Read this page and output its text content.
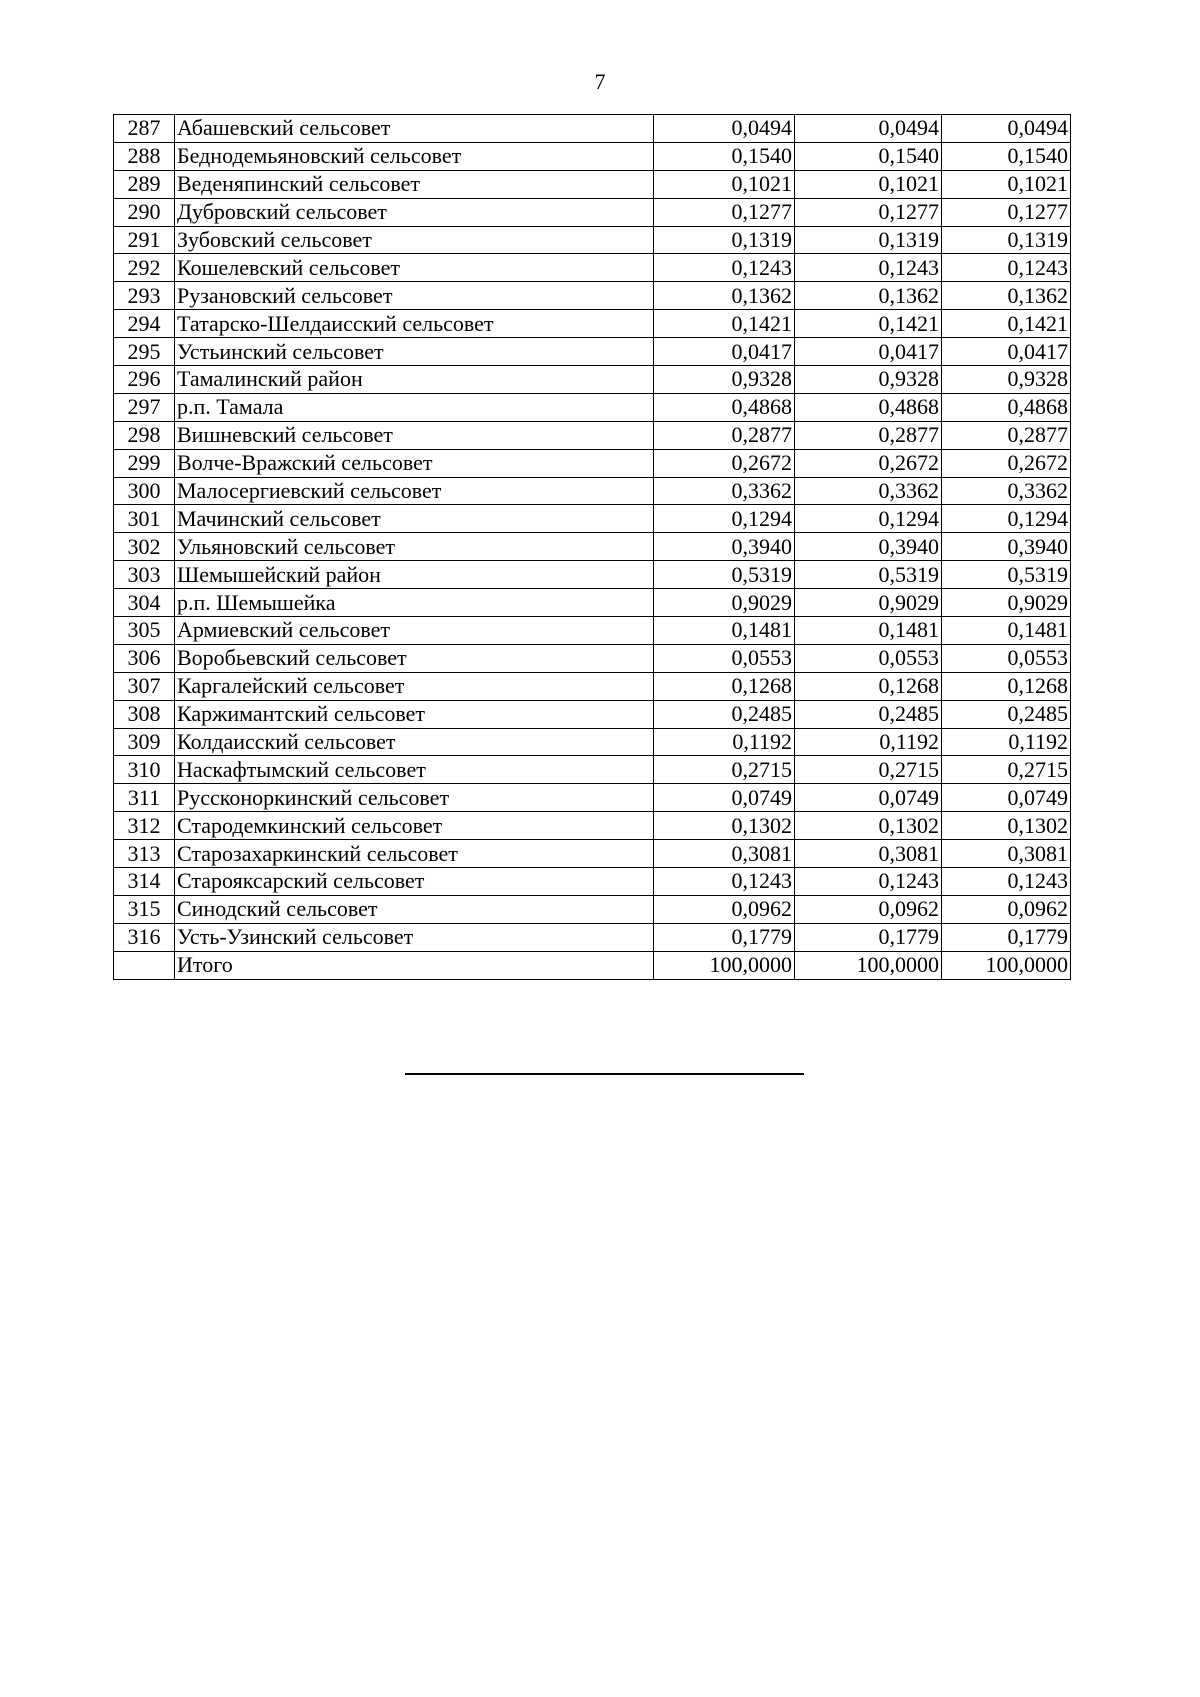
7
287	Абашевский сельсовет	0,0494	0,0494	0,0494
288	Беднодемьяновский сельсовет	0,1540	0,1540	0,1540
289	Веденяпинский сельсовет	0,1021	0,1021	0,1021
290	Дубровский сельсовет	0,1277	0,1277	0,1277
291	Зубовский сельсовет	0,1319	0,1319	0,1319
292	Кошелевский сельсовет	0,1243	0,1243	0,1243
293	Рузановский сельсовет	0,1362	0,1362	0,1362
294	Татарско-Шелдаисский сельсовет	0,1421	0,1421	0,1421
295	Устьинский сельсовет	0,0417	0,0417	0,0417
296	Тамалинский район	0,9328	0,9328	0,9328
297	р.п. Тамала	0,4868	0,4868	0,4868
298	Вишневский сельсовет	0,2877	0,2877	0,2877
299	Волче-Вражский сельсовет	0,2672	0,2672	0,2672
300	Малосергиевский сельсовет	0,3362	0,3362	0,3362
301	Мачинский сельсовет	0,1294	0,1294	0,1294
302	Ульяновский сельсовет	0,3940	0,3940	0,3940
303	Шемышейский район	0,5319	0,5319	0,5319
304	р.п. Шемышейка	0,9029	0,9029	0,9029
305	Армиевский сельсовет	0,1481	0,1481	0,1481
306	Воробьевский сельсовет	0,0553	0,0553	0,0553
307	Каргалейский сельсовет	0,1268	0,1268	0,1268
308	Каржимантский сельсовет	0,2485	0,2485	0,2485
309	Колдаисский сельсовет	0,1192	0,1192	0,1192
310	Наскафтымский сельсовет	0,2715	0,2715	0,2715
311	Руссконоркинский сельсовет	0,0749	0,0749	0,0749
312	Стародемкинский сельсовет	0,1302	0,1302	0,1302
313	Старозахаркинский сельсовет	0,3081	0,3081	0,3081
314	Старояксарский сельсовет	0,1243	0,1243	0,1243
315	Синодский сельсовет	0,0962	0,0962	0,0962
316	Усть-Узинский сельсовет	0,1779	0,1779	0,1779
	Итого	100,0000	100,0000	100,0000
